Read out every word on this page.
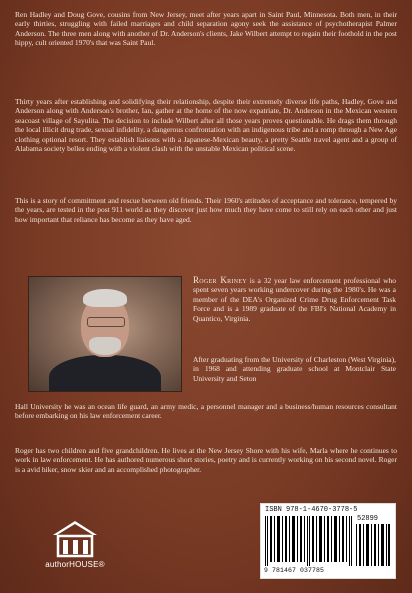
Ren Hadley and Doug Gove, cousins from New Jersey, meet after years apart in Saint Paul, Minnesota. Both men, in their early thirties, struggling with failed marriages and child separation agony seek the assistance of psychotherapist Palmer Anderson. The three men along with another of Dr. Anderson's clients, Jake Wilbert attempt to regain their foothold in the post hippy, cult oriented 1970's that was Saint Paul.

Thirty years after establishing and solidifying their relationship, despite their extremely diverse life paths, Hadley, Gove and Anderson along with Anderson's brother, Ian, gather at the home of the now expatriate, Dr. Anderson in the Mexican western seacoast village of Sayulita. The decision to include Wilbert after all those years proves questionable. He drags them through the local illicit drug trade, sexual infidelity, a dangerous confrontation with an indigenous tribe and a romp through a New Age clothing optional resort. They establish liaisons with a Japanese-Mexican beauty, a pretty Seattle travel agent and a group of Alabama society belles ending with a violent clash with the unstable Mexican political scene.

This is a story of commitment and rescue between old friends. Their 1960's attitudes of acceptance and tolerance, tempered by the years, are tested in the post 911 world as they discover just how much they have come to still rely on each other and just how important that reliance has become as they have aged.

Roger Kriney is a 32 year law enforcement professional who spent seven years working undercover during the 1980's. He was a member of the DEA's Organized Crime Drug Enforcement Task Force and is a 1989 graduate of the FBI's National Academy in Quantico, Virginia.

After graduating from the University of Charleston (West Virginia), in 1968 and attending graduate school at Montclair State University and Seton

Hall University he was an ocean life guard, an army medic, a personnel manager and a business/human resources consultant before embarking on his law enforcement career.

Roger has two children and five grandchildren. He lives at the New Jersey Shore with his wife, Marla where he continues to work in law enforcement. He has authored numerous short stories, poetry and is currently working on his second novel. Roger is a avid hiker, snow skier and an accomplished photographer.

authorHOUSE®
ISBN 978-1-4670-3778-5
52899
9 781467 037785
